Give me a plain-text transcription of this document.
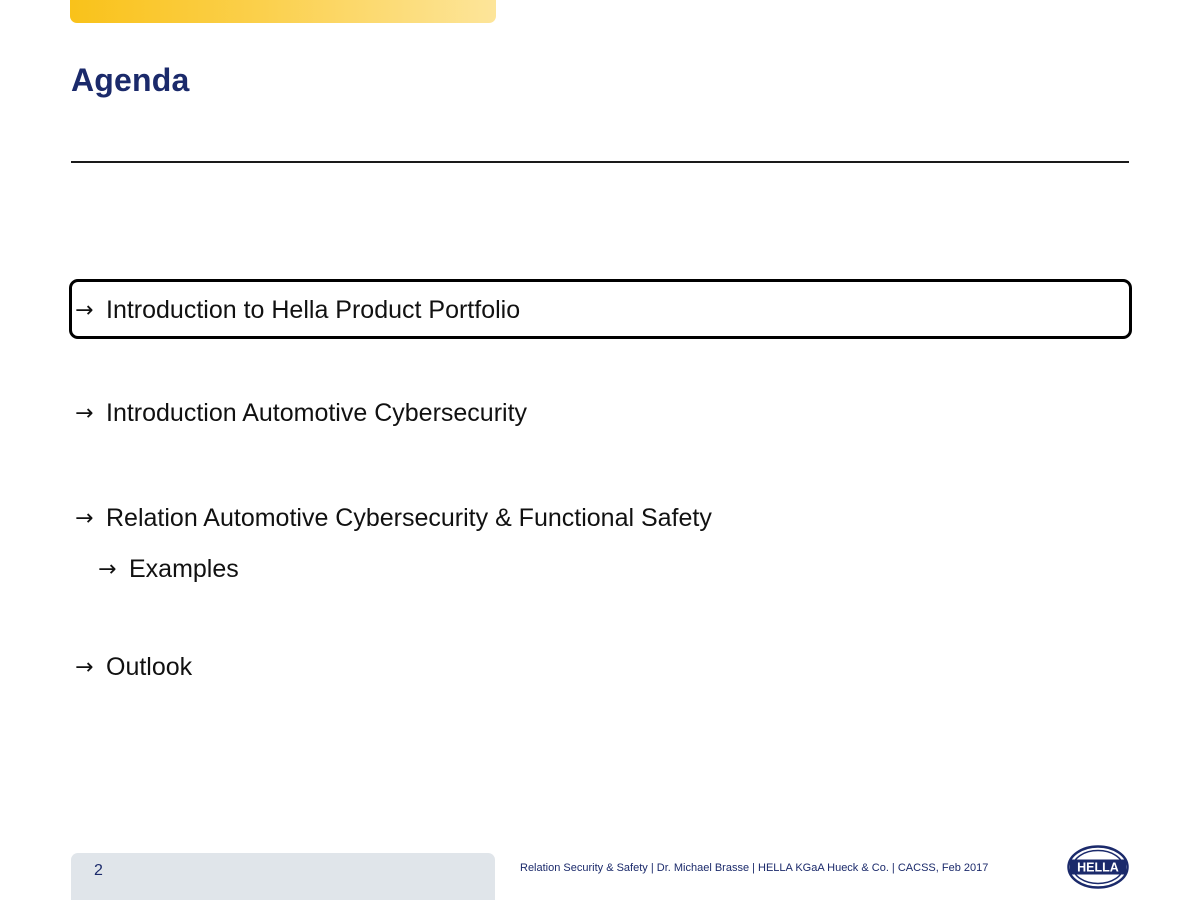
Agenda
→ Introduction to Hella Product Portfolio
→ Introduction Automotive Cybersecurity
→ Relation Automotive Cybersecurity & Functional Safety
→ Examples
→ Outlook
2	Relation Security & Safety | Dr. Michael Brasse | HELLA KGaA Hueck & Co. | CACSS, Feb 2017	HELLA
